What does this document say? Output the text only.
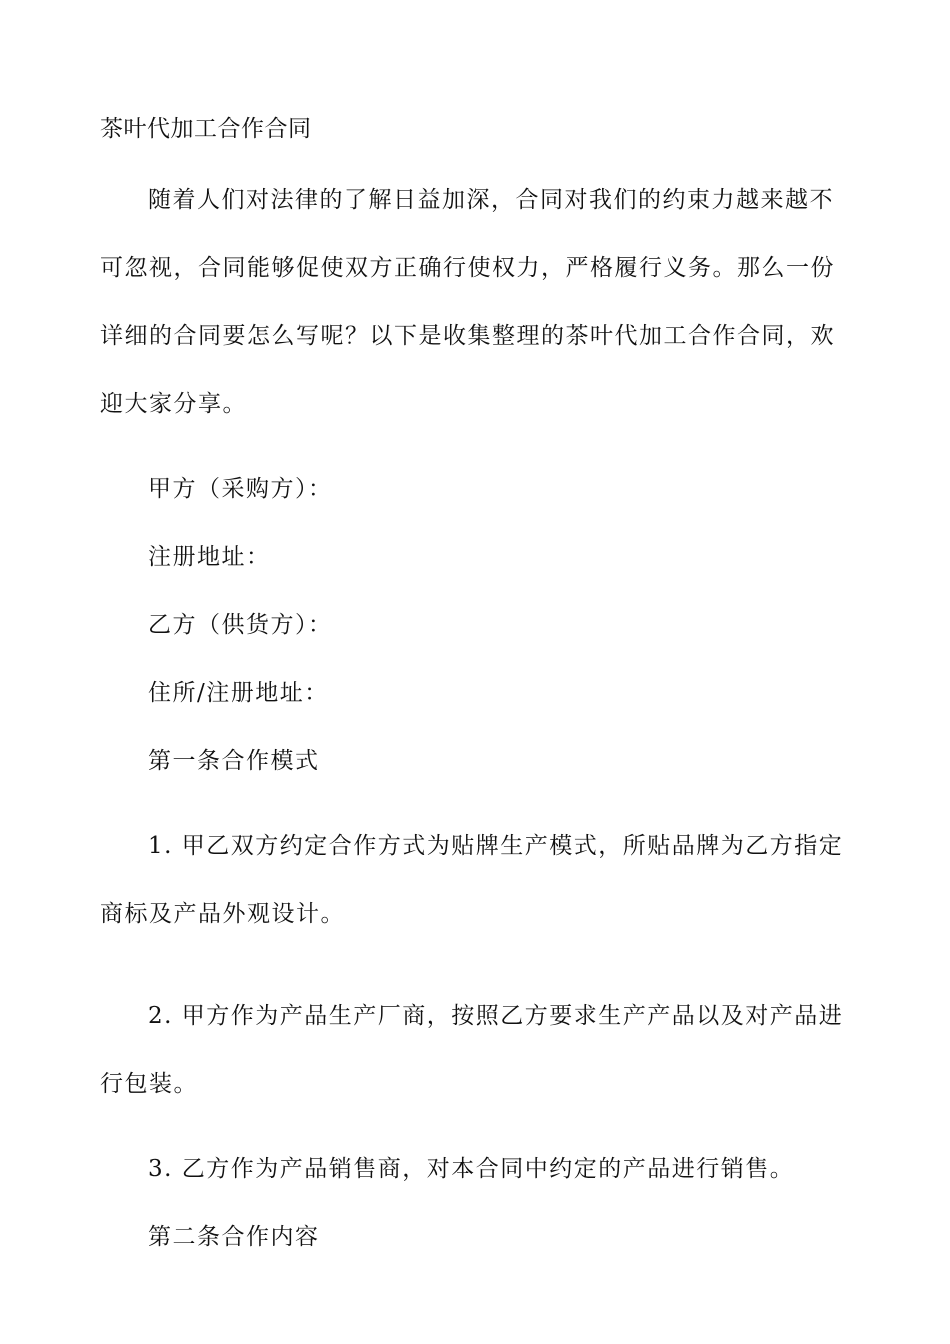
茶叶代加工合作合同
随着人们对法律的了解日益加深，合同对我们的约束力越来越不可忽视，合同能够促使双方正确行使权力，严格履行义务。那么一份详细的合同要怎么写呢？以下是收集整理的茶叶代加工合作合同，欢迎大家分享。
甲方（采购方）：
注册地址：
乙方（供货方）：
住所/注册地址：
第一条合作模式
1. 甲乙双方约定合作方式为贴牌生产模式，所贴品牌为乙方指定商标及产品外观设计。
2. 甲方作为产品生产厂商，按照乙方要求生产产品以及对产品进行包装。
3. 乙方作为产品销售商，对本合同中约定的产品进行销售。
第二条合作内容
